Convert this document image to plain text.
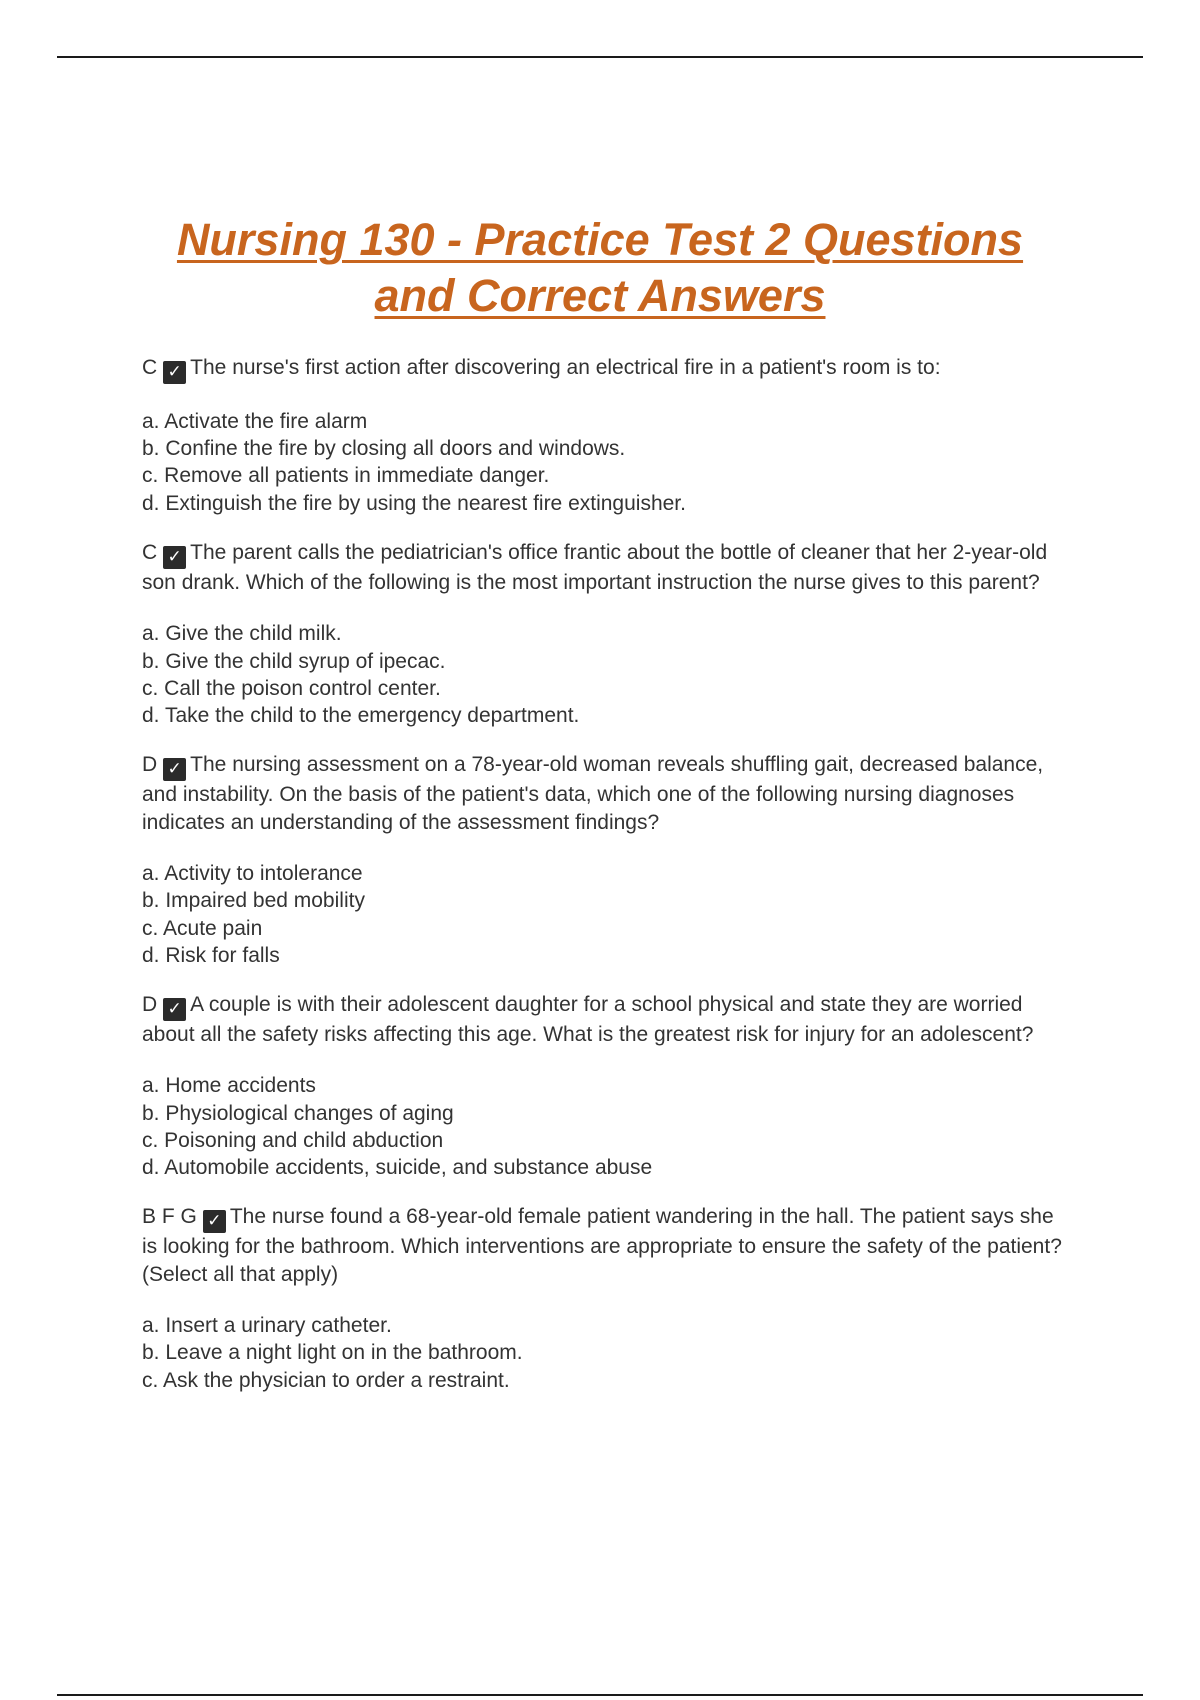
Nursing 130 - Practice Test 2 Questions
and Correct Answers
C ✓ The nurse's first action after discovering an electrical fire in a patient's room is to:
a. Activate the fire alarm
b. Confine the fire by closing all doors and windows.
c. Remove all patients in immediate danger.
d. Extinguish the fire by using the nearest fire extinguisher.
C ✓ The parent calls the pediatrician's office frantic about the bottle of cleaner that her 2-year-old son drank. Which of the following is the most important instruction the nurse gives to this parent?
a. Give the child milk.
b. Give the child syrup of ipecac.
c. Call the poison control center.
d. Take the child to the emergency department.
D ✓ The nursing assessment on a 78-year-old woman reveals shuffling gait, decreased balance, and instability. On the basis of the patient's data, which one of the following nursing diagnoses indicates an understanding of the assessment findings?
a. Activity to intolerance
b. Impaired bed mobility
c. Acute pain
d. Risk for falls
D ✓ A couple is with their adolescent daughter for a school physical and state they are worried about all the safety risks affecting this age. What is the greatest risk for injury for an adolescent?
a. Home accidents
b. Physiological changes of aging
c. Poisoning and child abduction
d. Automobile accidents, suicide, and substance abuse
B F G ✓ The nurse found a 68-year-old female patient wandering in the hall. The patient says she is looking for the bathroom. Which interventions are appropriate to ensure the safety of the patient? (Select all that apply)
a. Insert a urinary catheter.
b. Leave a night light on in the bathroom.
c. Ask the physician to order a restraint.
